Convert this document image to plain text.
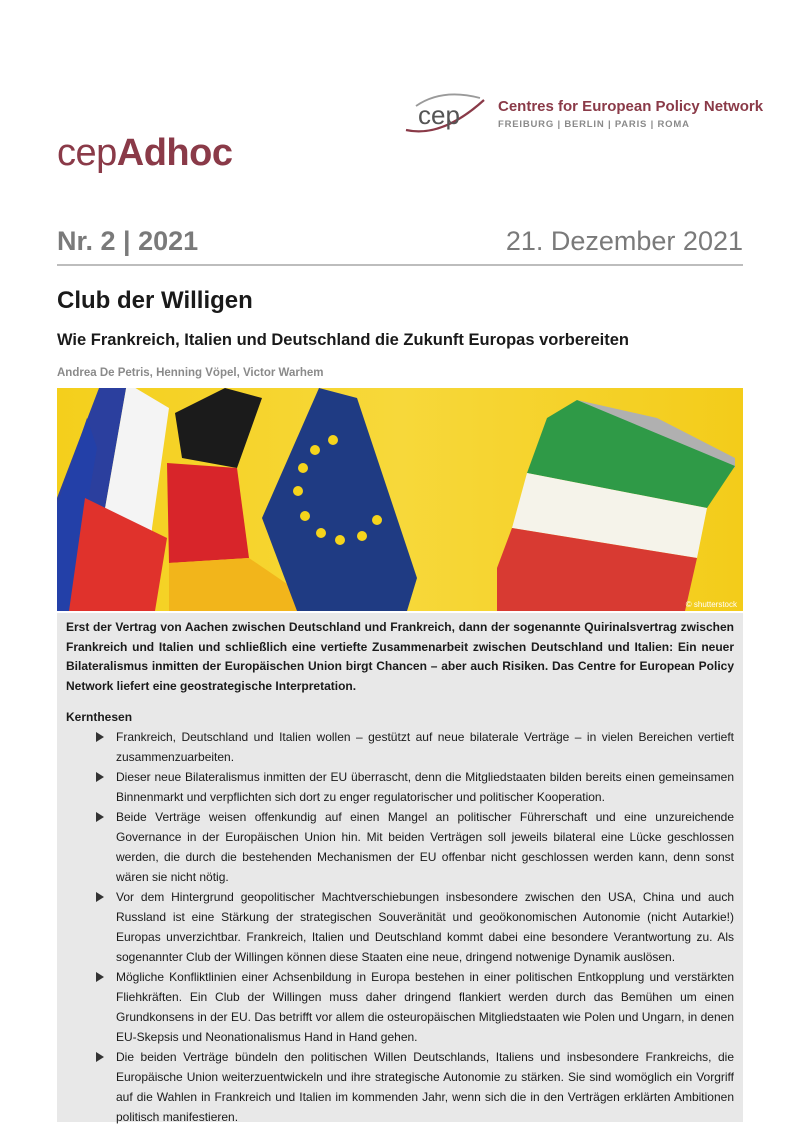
cep	Centres for European Policy Network
FREIBURG | BERLIN | PARIS | ROMA
cepAdhoc
Nr. 2 | 2021	21. Dezember 2021
Club der Willigen
Wie Frankreich, Italien und Deutschland die Zukunft Europas vorbereiten
Andrea De Petris, Henning Vöpel, Victor Warhem
© shutterstock

Erst der Vertrag von Aachen zwischen Deutschland und Frankreich, dann der sogenannte Quirinalsvertrag zwischen Frankreich und Italien und schließlich eine vertiefte Zusammenarbeit zwischen Deutschland und Italien: Ein neuer Bilateralismus inmitten der Europäischen Union birgt Chancen – aber auch Risiken. Das Centre for European Policy Network liefert eine geostrategische Interpretation.

Kernthesen
Frankreich, Deutschland und Italien wollen – gestützt auf neue bilaterale Verträge – in vielen Bereichen vertieft zusammenzuarbeiten.
Dieser neue Bilateralismus inmitten der EU überrascht, denn die Mitgliedstaaten bilden bereits einen gemeinsamen Binnenmarkt und verpflichten sich dort zu enger regulatorischer und politischer Kooperation.
Beide Verträge weisen offenkundig auf einen Mangel an politischer Führerschaft und eine unzureichende Governance in der Europäischen Union hin. Mit beiden Verträgen soll jeweils bilateral eine Lücke geschlossen werden, die durch die bestehenden Mechanismen der EU offenbar nicht geschlossen werden kann, denn sonst wären sie nicht nötig.
Vor dem Hintergrund geopolitischer Machtverschiebungen insbesondere zwischen den USA, China und auch Russland ist eine Stärkung der strategischen Souveränität und geoökonomischen Autonomie (nicht Autarkie!) Europas unverzichtbar. Frankreich, Italien und Deutschland kommt dabei eine besondere Verantwortung zu. Als sogenannter Club der Willingen können diese Staaten eine neue, dringend notwenige Dynamik auslösen.
Mögliche Konfliktlinien einer Achsenbildung in Europa bestehen in einer politischen Entkopplung und verstärkten Fliehkräften. Ein Club der Willingen muss daher dringend flankiert werden durch das Bemühen um einen Grundkonsens in der EU. Das betrifft vor allem die osteuropäischen Mitgliedstaaten wie Polen und Ungarn, in denen EU-Skepsis und Neonationalismus Hand in Hand gehen.
Die beiden Verträge bündeln den politischen Willen Deutschlands, Italiens und insbesondere Frankreichs, die Europäische Union weiterzuentwickeln und ihre strategische Autonomie zu stärken. Sie sind womöglich ein Vorgriff auf die Wahlen in Frankreich und Italien im kommenden Jahr, wenn sich die in den Verträgen erklärten Ambitionen politisch manifestieren.
